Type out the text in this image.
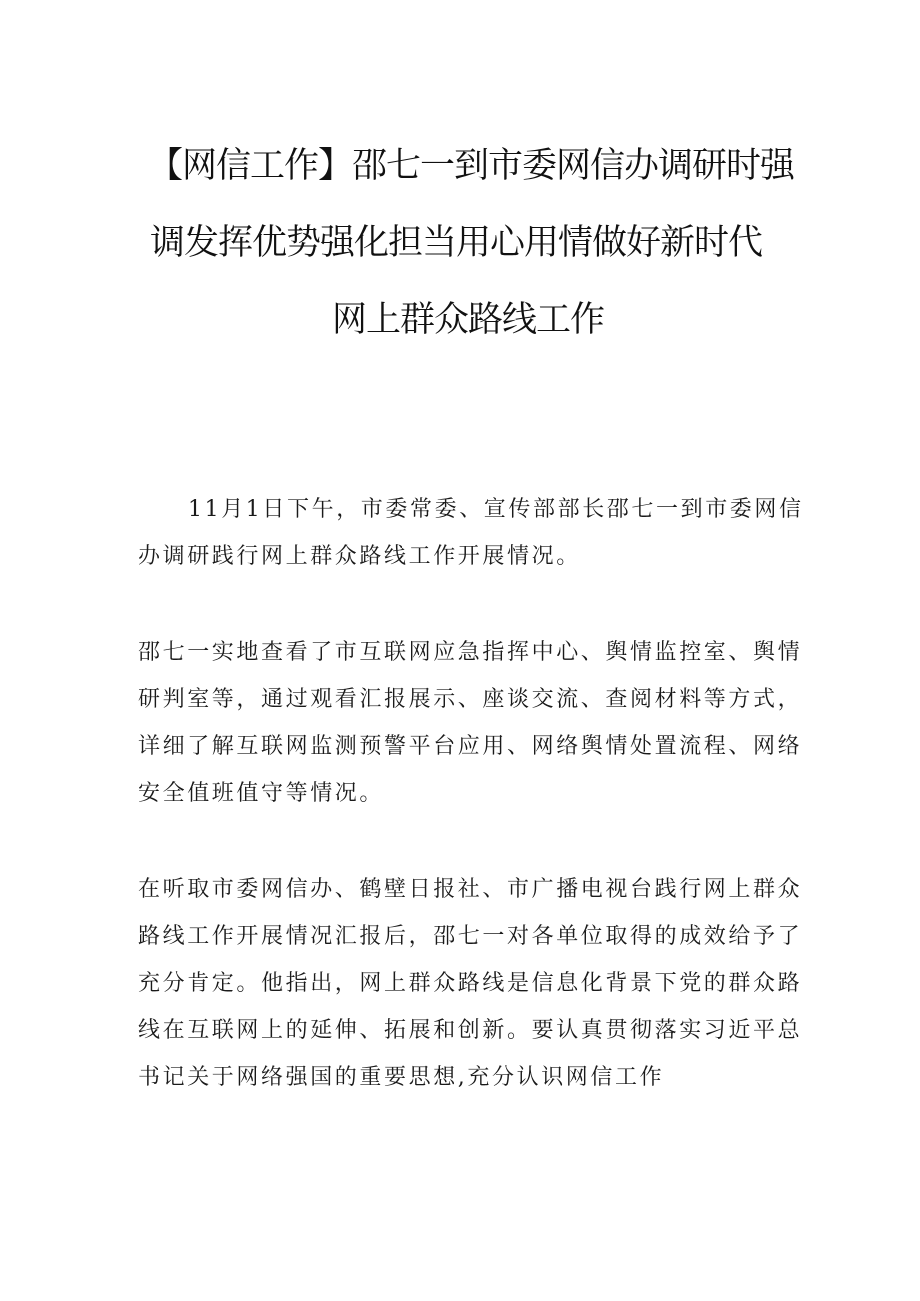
【网信工作】邵七一到市委网信办调研时强
调发挥优势强化担当用心用情做好新时代
网上群众路线工作

11月1日下午，市委常委、宣传部部长邵七一到市委网信办调研践行网上群众路线工作开展情况。

邵七一实地查看了市互联网应急指挥中心、舆情监控室、舆情研判室等，通过观看汇报展示、座谈交流、查阅材料等方式，详细了解互联网监测预警平台应用、网络舆情处置流程、网络安全值班值守等情况。

在听取市委网信办、鹤壁日报社、市广播电视台践行网上群众路线工作开展情况汇报后，邵七一对各单位取得的成效给予了充分肯定。他指出，网上群众路线是信息化背景下党的群众路线在互联网上的延伸、拓展和创新。要认真贯彻落实习近平总书记关于网络强国的重要思想,充分认识网信工作
